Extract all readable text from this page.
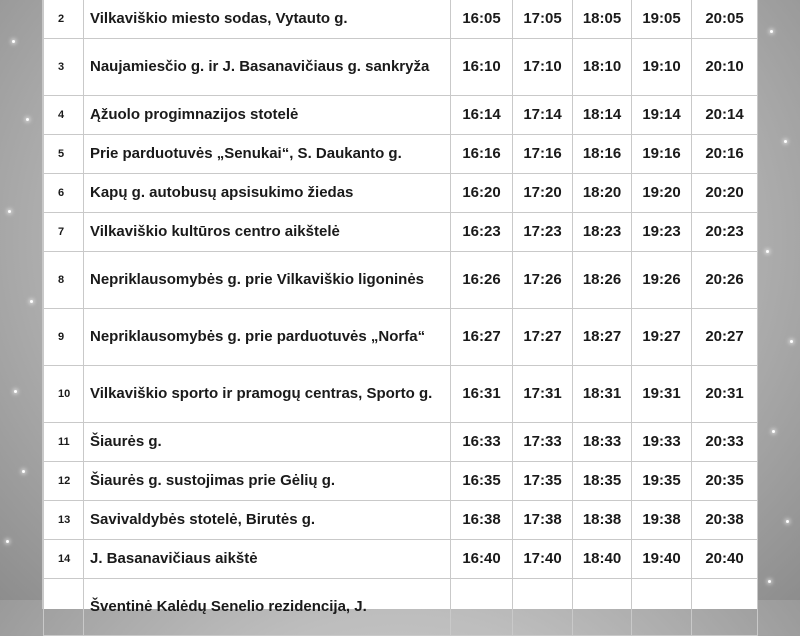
2	Vilkaviškio miesto sodas, Vytauto g.	16:05	17:05	18:05	19:05	20:05
3	Naujamiesčio g. ir J. Basanavičiaus g. sankryža	16:10	17:10	18:10	19:10	20:10
4	Ąžuolo progimnazijos stotelė	16:14	17:14	18:14	19:14	20:14
5	Prie parduotuvės „Senukai“, S. Daukanto g.	16:16	17:16	18:16	19:16	20:16
6	Kapų g. autobusų apsisukimo žiedas	16:20	17:20	18:20	19:20	20:20
7	Vilkaviškio kultūros centro aikštelė	16:23	17:23	18:23	19:23	20:23
8	Nepriklausomybės g. prie Vilkaviškio ligoninės	16:26	17:26	18:26	19:26	20:26
9	Nepriklausomybės g. prie parduotuvės „Norfa“	16:27	17:27	18:27	19:27	20:27
10	Vilkaviškio sporto ir pramogų centras, Sporto g.	16:31	17:31	18:31	19:31	20:31
11	Šiaurės g.	16:33	17:33	18:33	19:33	20:33
12	Šiaurės g. sustojimas prie Gėlių g.	16:35	17:35	18:35	19:35	20:35
13	Savivaldybės stotelė, Birutės g.	16:38	17:38	18:38	19:38	20:38
14	J. Basanavičiaus aikštė	16:40	17:40	18:40	19:40	20:40
	Šventinė Kalėdų Senelio rezidencija, J.					
